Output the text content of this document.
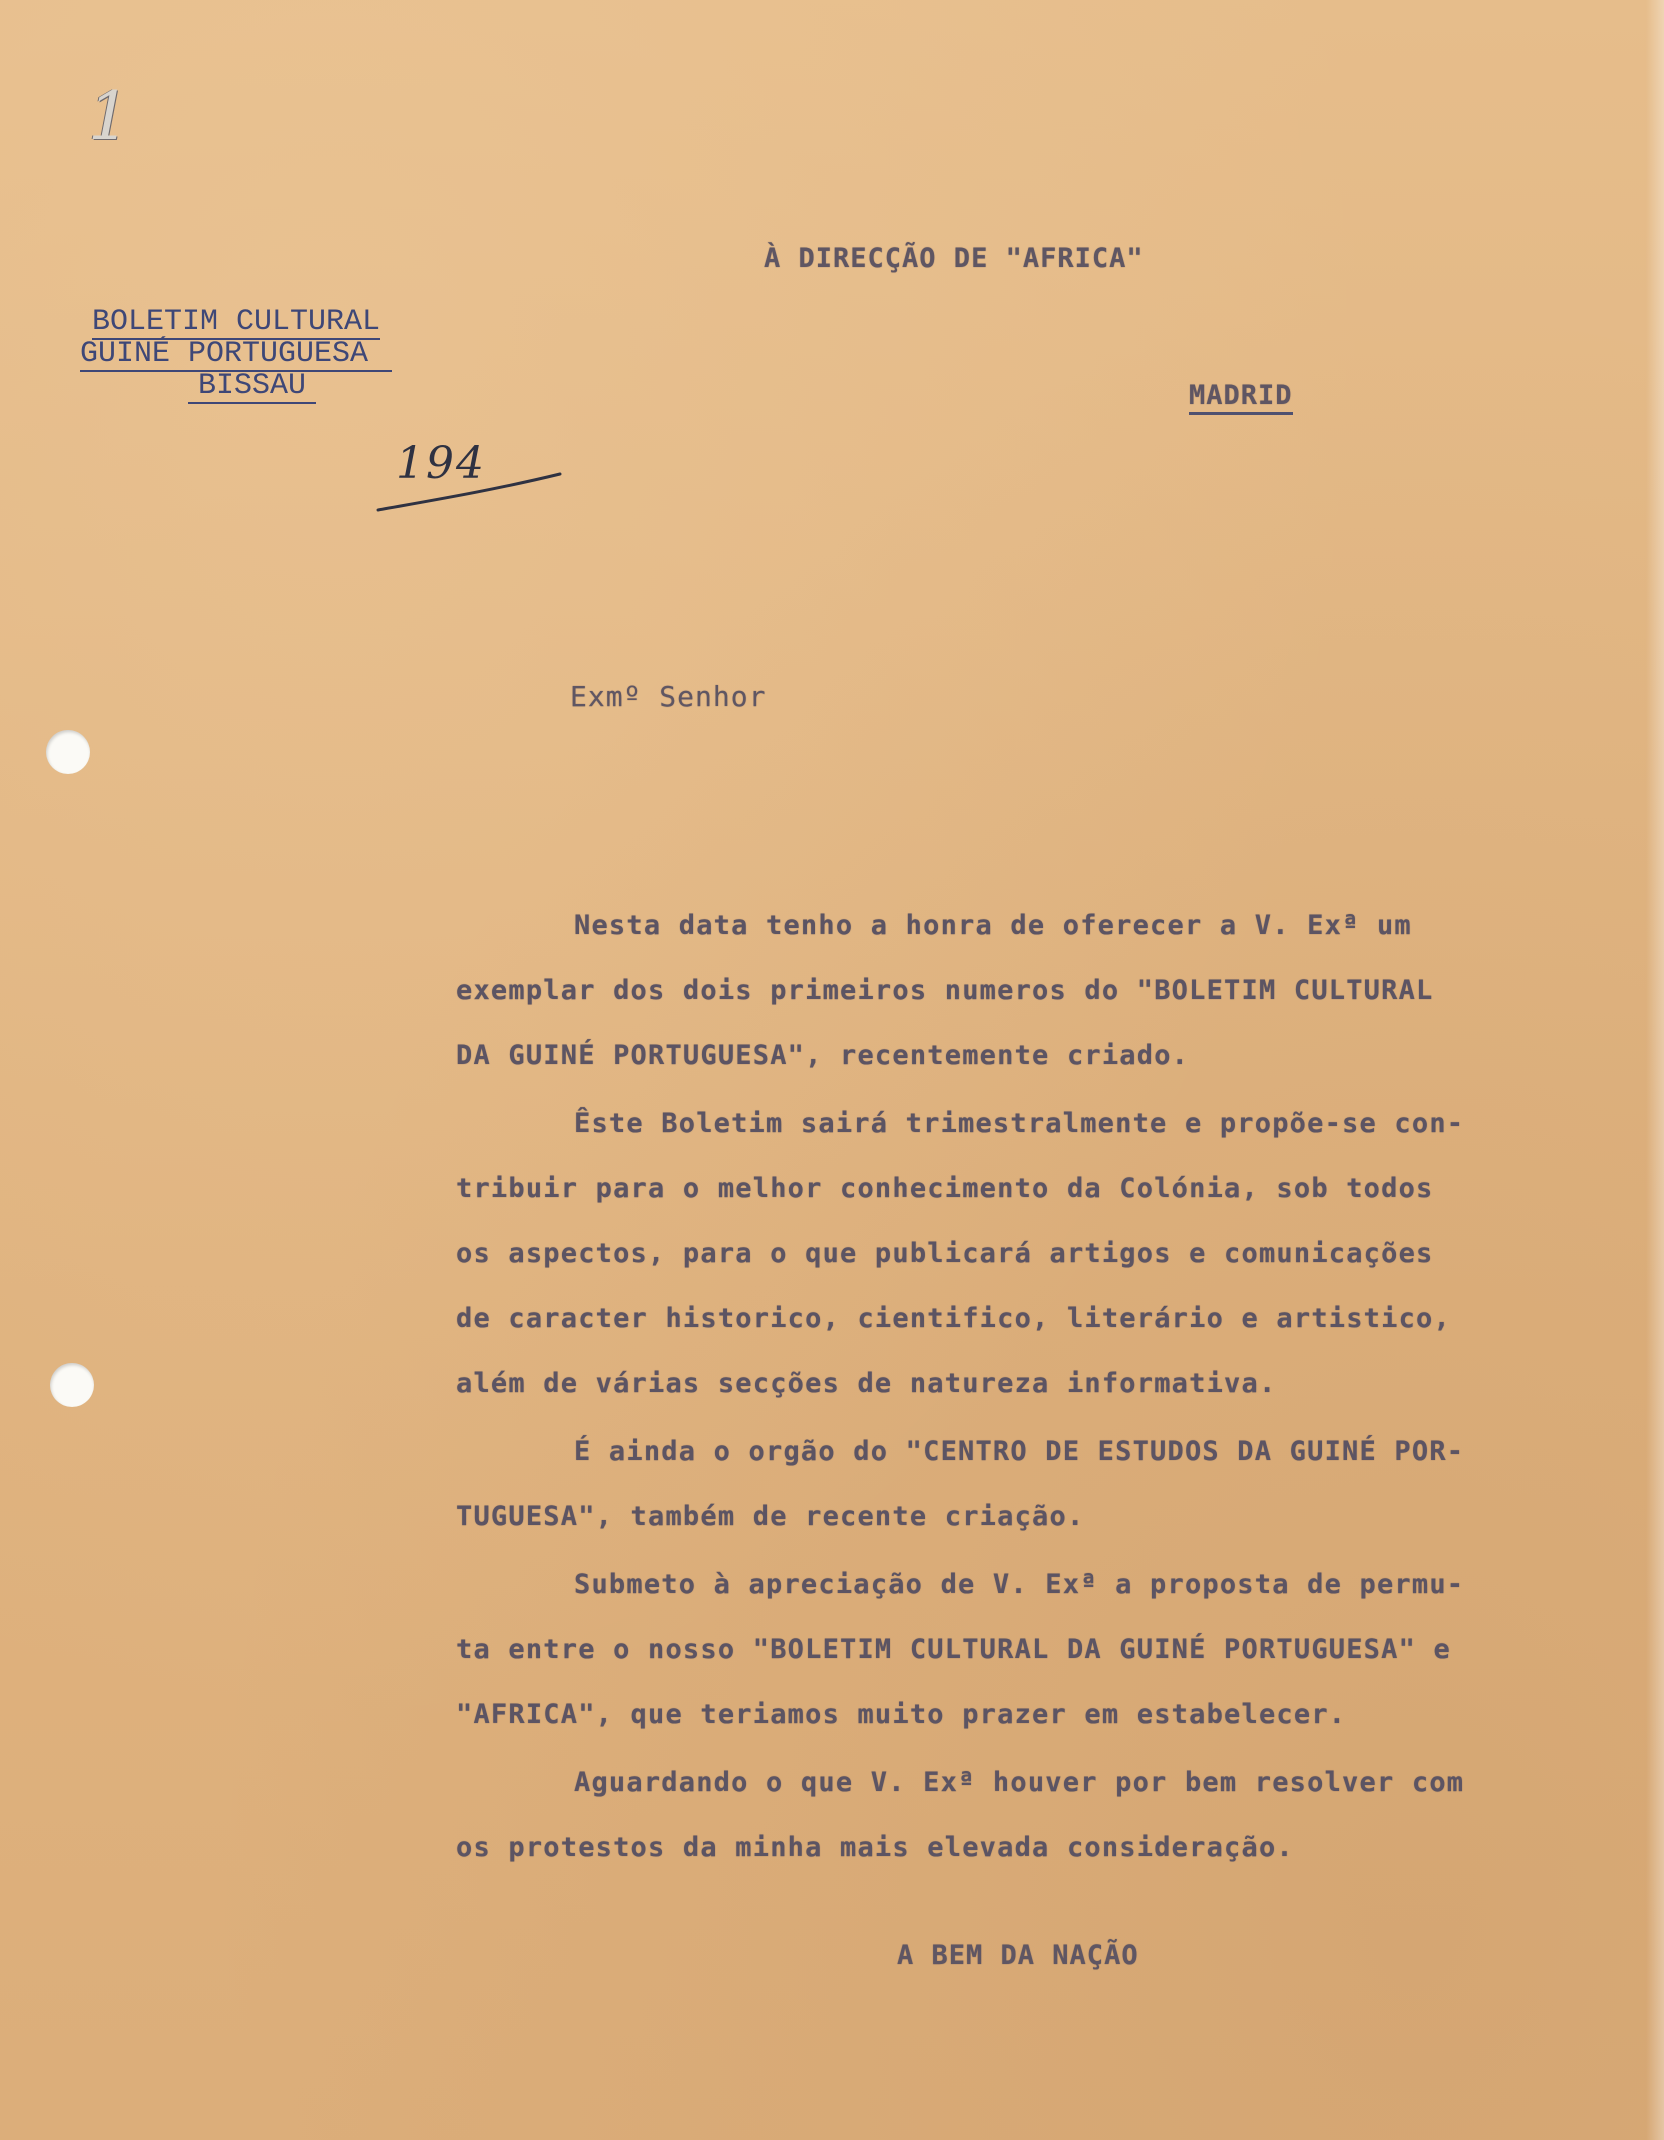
1
À DIRECÇÃO DE "AFRICA"
MADRID
BOLETIM CULTURAL
GUINÉ PORTUGUESA
BISSAU
194
Exmº Senhor
Nesta data tenho a honra de oferecer a V. Exª um
exemplar dos dois primeiros numeros do "BOLETIM CULTURAL
DA GUINÉ PORTUGUESA", recentemente criado.
Êste Boletim sairá trimestralmente e propõe-se con-
tribuir para o melhor conhecimento da Colónia, sob todos
os aspectos, para o que publicará artigos e comunicações
de caracter historico, cientifico, literário e artistico,
além de várias secções de natureza informativa.
É ainda o orgão do "CENTRO DE ESTUDOS DA GUINÉ POR-
TUGUESA", também de recente criação.
Submeto à apreciação de V. Exª a proposta de permu-
ta entre o nosso "BOLETIM CULTURAL DA GUINÉ PORTUGUESA" e
"AFRICA", que teriamos muito prazer em estabelecer.
Aguardando o que V. Exª houver por bem resolver com
os protestos da minha mais elevada consideração.
A BEM DA NAÇÃO
